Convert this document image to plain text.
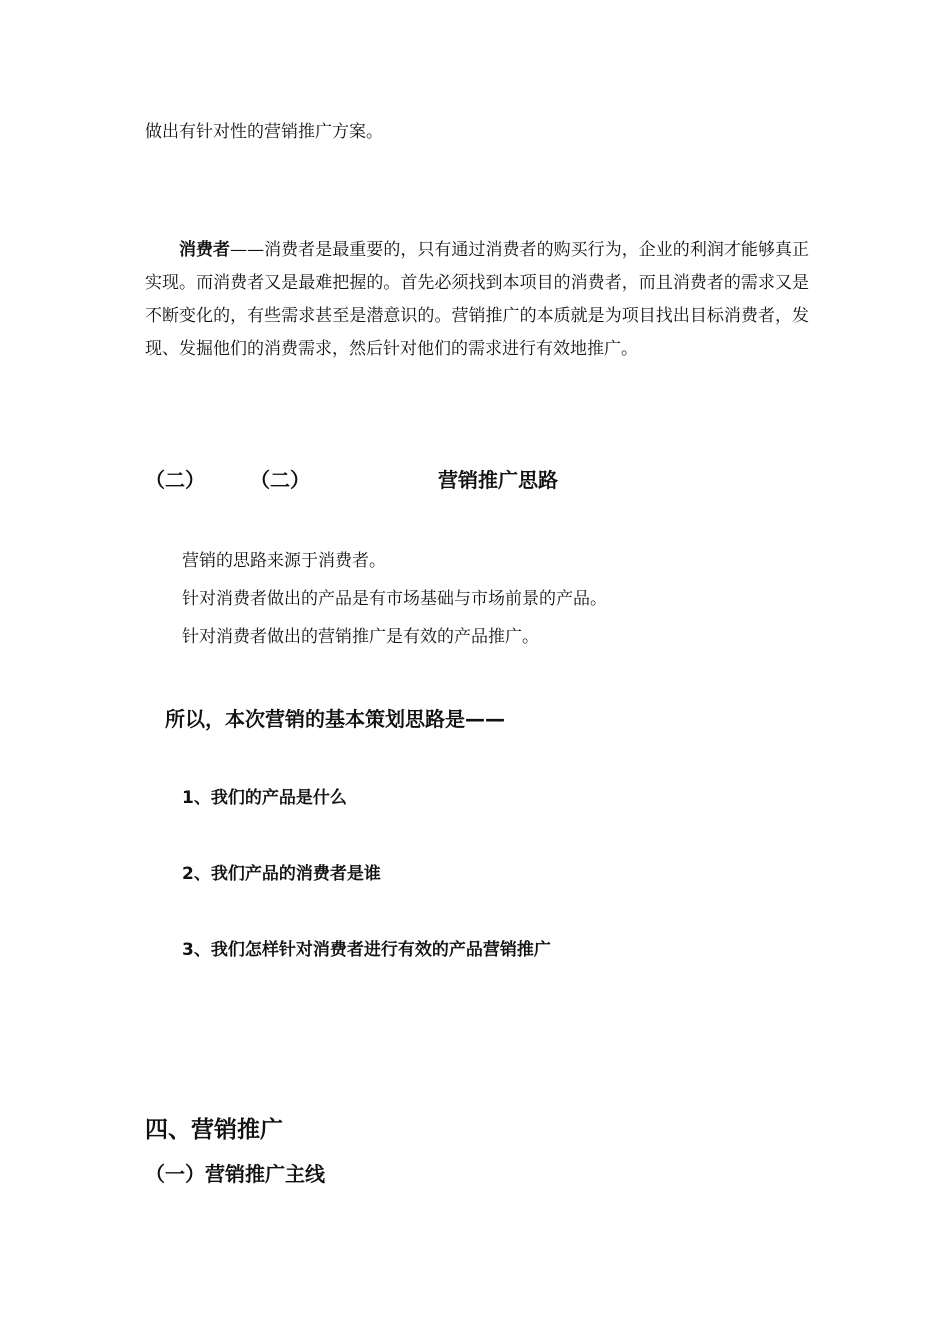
做出有针对性的营销推广方案。
消费者——消费者是最重要的，只有通过消费者的购买行为，企业的利润才能够真正实现。而消费者又是最难把握的。首先必须找到本项目的消费者，而且消费者的需求又是不断变化的，有些需求甚至是潜意识的。营销推广的本质就是为项目找出目标消费者，发现、发掘他们的消费需求，然后针对他们的需求进行有效地推广。
（二） （二）	营销推广思路
营销的思路来源于消费者。
针对消费者做出的产品是有市场基础与市场前景的产品。
针对消费者做出的营销推广是有效的产品推广。
所以，本次营销的基本策划思路是——
1、我们的产品是什么
2、我们产品的消费者是谁
3、我们怎样针对消费者进行有效的产品营销推广
四、营销推广
（一）营销推广主线
